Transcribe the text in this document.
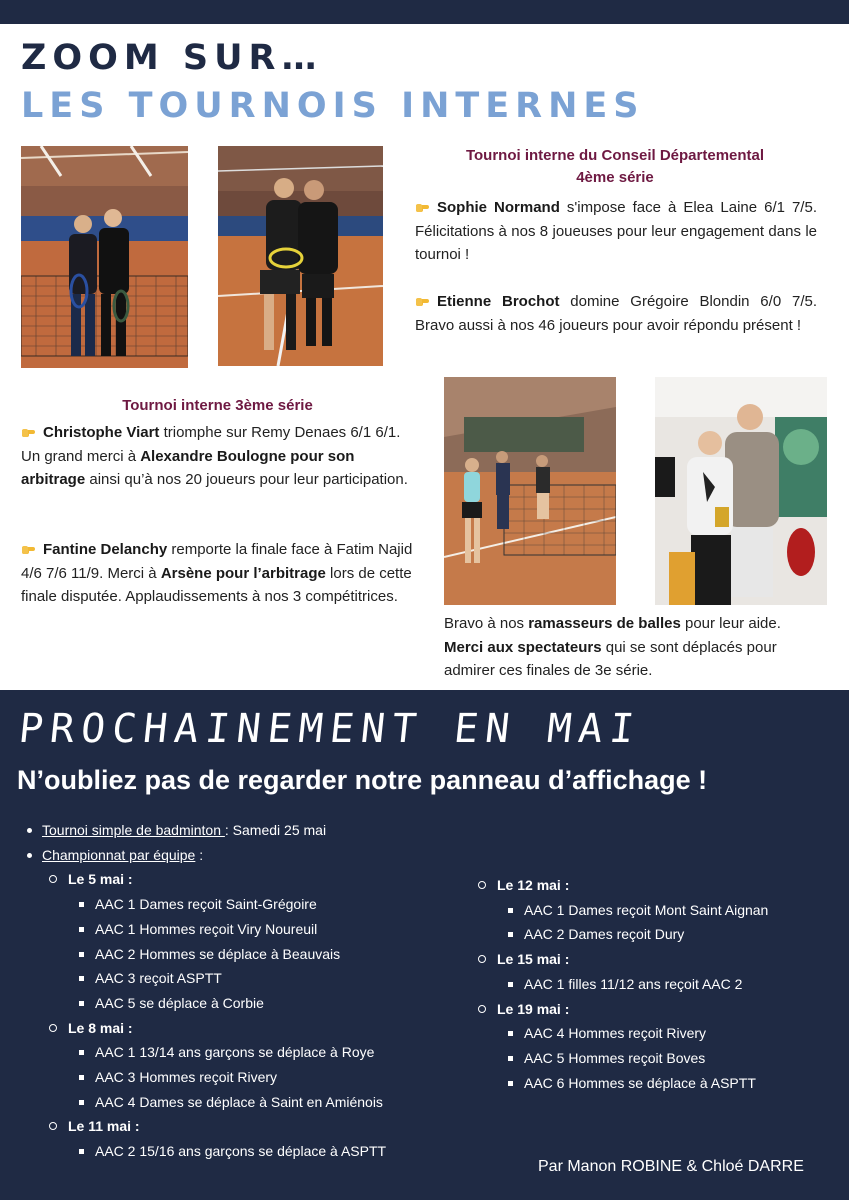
ZOOM SUR…
LES TOURNOIS INTERNES
Tournoi interne du Conseil Départemental
4ème série
Sophie Normand s'impose face à Elea Laine 6/1 7/5. Félicitations à nos 8 joueuses pour leur engagement dans le tournoi !
Etienne Brochot domine Grégoire Blondin 6/0 7/5. Bravo aussi à nos 46 joueurs pour avoir répondu présent !
Tournoi interne 3ème série
Christophe Viart triomphe sur Remy Denaes 6/1 6/1. Un grand merci à Alexandre Boulogne pour son arbitrage ainsi qu’à nos 20 joueurs pour leur participation.
Fantine Delanchy remporte la finale face à Fatim Najid 4/6 7/6 11/9. Merci à Arsène pour l’arbitrage lors de cette finale disputée. Applaudissements à nos 3 compétitrices.
Bravo à nos ramasseurs de balles pour leur aide.
Merci aux spectateurs qui se sont déplacés pour admirer ces finales de 3e série.
PROCHAINEMENT EN MAI
N’oubliez pas de regarder notre panneau d’affichage !
Tournoi simple de badminton : Samedi 25 mai
Championnat par équipe :
Le 5 mai :
AAC 1 Dames reçoit Saint-Grégoire
AAC 1 Hommes reçoit Viry Noureuil
AAC 2 Hommes se déplace à Beauvais
AAC 3 reçoit ASPTT
AAC 5 se déplace à Corbie
Le 8 mai :
AAC 1 13/14 ans garçons se déplace à Roye
AAC 3 Hommes reçoit Rivery
AAC 4 Dames se déplace à Saint en Amiénois
Le 11 mai :
AAC 2 15/16 ans garçons se déplace à ASPTT
Le 12 mai :
AAC 1 Dames reçoit Mont Saint Aignan
AAC 2 Dames reçoit Dury
Le 15 mai :
AAC 1 filles 11/12 ans reçoit AAC 2
Le 19 mai :
AAC 4 Hommes reçoit Rivery
AAC 5 Hommes reçoit Boves
AAC 6 Hommes se déplace à ASPTT
Par Manon ROBINE & Chloé DARRE
